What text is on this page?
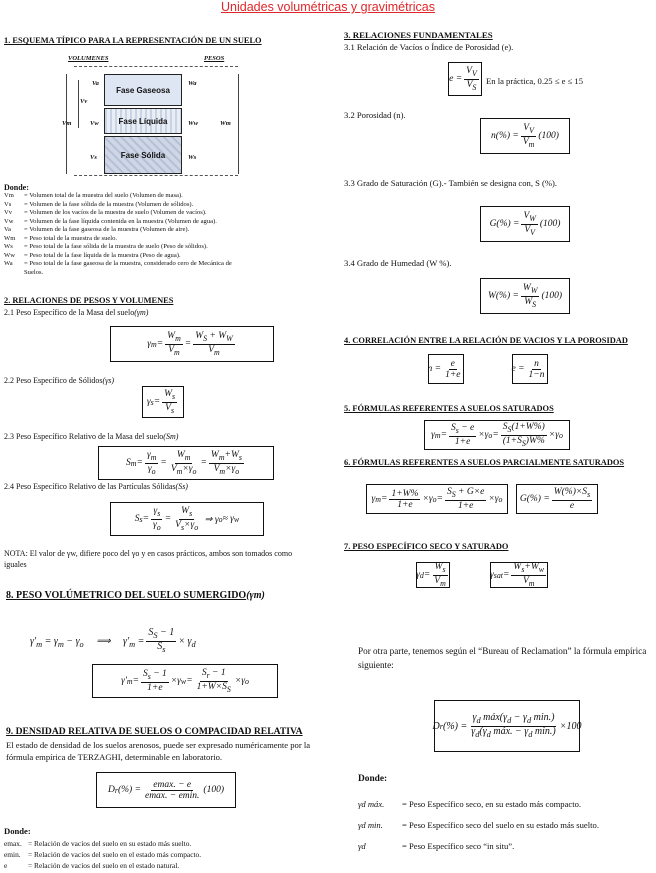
Unidades volumétricas y gravimétricas
1. ESQUEMA TÍPICO PARA LA REPRESENTACIÓN DE UN SUELO
VOLUMENES	PESOS
Va
Vv
Vm	Vw
Vs
Wa
Ww	Wm
Ws
Fase Gaseosa
Fase Líquida
Fase Sólida
Donde:
Vm	= Volumen total de la muestra del suelo (Volumen de masa).
Vs	= Volumen de la fase sólida de la muestra (Volumen de sólidos).
Vv	= Volumen de los vacíos de la muestra de suelo (Volumen de vacíos).
Vw	= Volumen de la fase líquida contenida en la muestra (Volumen de agua).
Va	= Volumen de la fase gaseosa de la muestra (Volumen de aire).
Wm	= Peso total de la muestra de suelo.
Ws	= Peso total de la fase sólida de la muestra de suelo (Peso de sólidos).
Ww	= Peso total de la fase líquida de la muestra (Peso de agua).
Wa	= Peso total de la fase gaseosa de la muestra, considerado cero de Mecánica de
Suelos.
2. RELACIONES DE PESOS Y VOLUMENES
2.1 Peso Específico de la Masa del suelo(γm)
γ $m = \frac{W_m}{V_m} = \frac{W_S + W_W}{V_m}$
2.2 Peso Específico de Sólidos(γs)
γ $s = \frac{W_s}{V_s}$
2.3 Peso Específico Relativo de la Masa del suelo(Sm)
S $m = \frac{\gamma_m}{\gamma_o} = \frac{W_m}{V_m\times\gamma_o} = \frac{W_m+W_s}{V_m\times\gamma_o}$
2.4 Peso Específico Relativo de las Partículas Sólidas(Ss)
S $s = \frac{\gamma_s}{\gamma_o} = \frac{W_s}{V_s\times\gamma_o}$ ⇒ γ o ≈ γ w
NOTA: El valor de γw, difiere poco del γo y en casos prácticos, ambos son tomados como iguales
8. PESO VOLÚMETRICO DEL SUELO SUMERGIDO(γm)
$\gamma'_m = \gamma_m - \gamma_o$     ⟹     $\gamma'_m = \frac{S_S - 1}{S_s} \times \gamma_d$
γ' $m = \frac{S_s - 1}{1+e} \times\gamma$ $w = \frac{S_r - 1}{1+W\times S_S} \times\gamma$ o
9. DENSIDAD RELATIVA DE SUELOS O COMPACIDAD RELATIVA
El estado de densidad de los suelos arenosos, puede ser expresado numéricamente por la
fórmula empírica de TERZAGHI, determinable en laboratorio.
D r (%) = $\frac{emax. - e}{emax. - emin.} (100)$
Donde:
emax. = Relación de vacíos del suelo en su estado más suelto.
emin. = Relación de vacíos del suelo en el estado más compacto.
e	= Relación de vacíos del suelo en el estado natural.
3. RELACIONES FUNDAMENTALES
3.1 Relación de Vacíos o Índice de Porosidad (e).
$e = \frac{V_V}{V_S}$ En la práctica, 0.25 ≤ e ≤ 15
3.2 Porosidad (n).
$n(\%) = \frac{V_V}{V_m} (100)$
3.3 Grado de Saturación (G).- También se designa con, S (%).
$G(\%) = \frac{V_W}{V_V} (100)$
3.4 Grado de Humedad (W %).
$W(\%) = \frac{W_W}{W_S} (100)$
4. CORRELACIÓN ENTRE LA RELACIÓN DE VACIOS Y LA POROSIDAD
$n = \frac{e}{1+e}$	$e = \frac{n}{1-n}$
5. FÓRMULAS REFERENTES A SUELOS SATURADOS
γ $m = \frac{S_s - e}{1+e} \times\gamma$ $o = \frac{S_S(1+W\%)}{(1+S_S)W\%} \times\gamma$ o
6. FÓRMULAS REFERENTES A SUELOS PARCIALMENTE SATURADOS
γ $m = \frac{1+W\%}{1+e} \times\gamma$ $o = \frac{S_S + G\times e}{1+e} \times\gamma$ o	$G(\%) = \frac{W(\%)\times S_s}{e}$
7. PESO ESPECÍFICO SECO Y SATURADO
γ $d = \frac{W_s}{V_m}$	γ sat = $\frac{W_s+W_w}{V_m}$
Por otra parte, tenemos según el “Bureau of Reclamation” la fórmula empírica
siguiente:
D r (%) = $\frac{\gamma_d máx(\gamma_d - \gamma_d \min.)}{\gamma_d(\gamma_d máx. - \gamma_d \min.)} \times 100$
Donde:
γd máx.	= Peso Específico seco, en su estado más compacto.
γd min.	= Peso Específico seco del suelo en su estado más suelto.
γd	= Peso Específico seco “in situ”.
